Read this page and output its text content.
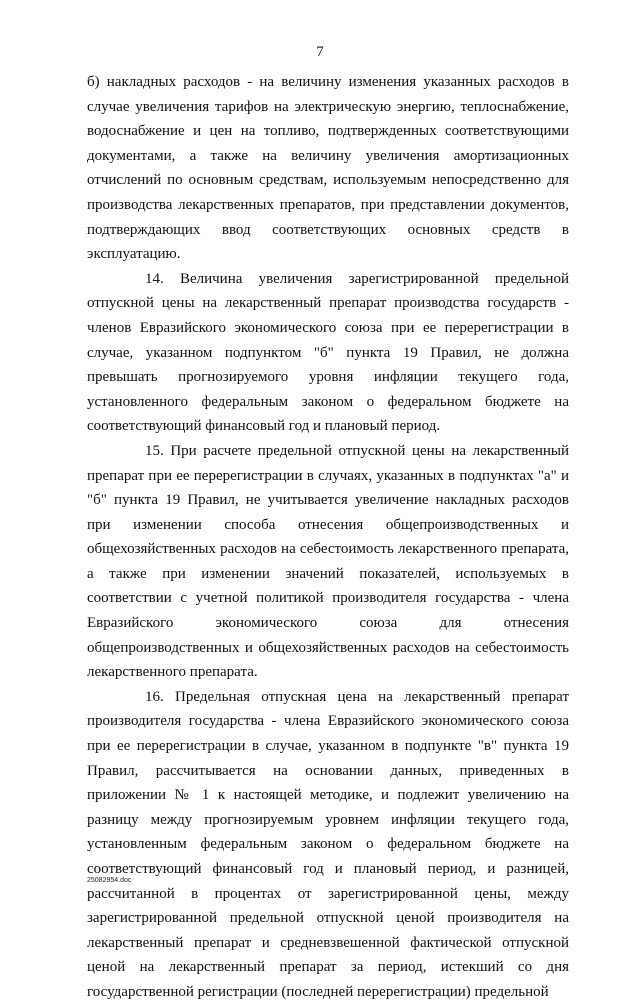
7

б) накладных расходов - на величину изменения указанных расходов в случае увеличения тарифов на электрическую энергию, теплоснабжение, водоснабжение и цен на топливо, подтвержденных соответствующими документами, а также на величину увеличения амортизационных отчислений по основным средствам, используемым непосредственно для производства лекарственных препаратов, при представлении документов, подтверждающих ввод соответствующих основных средств в эксплуатацию.

14. Величина увеличения зарегистрированной предельной отпускной цены на лекарственный препарат производства государств - членов Евразийского экономического союза при ее перерегистрации в случае, указанном подпунктом "б" пункта 19 Правил, не должна превышать прогнозируемого уровня инфляции текущего года, установленного федеральным законом о федеральном бюджете на соответствующий финансовый год и плановый период.

15. При расчете предельной отпускной цены на лекарственный препарат при ее перерегистрации в случаях, указанных в подпунктах "а" и "б" пункта 19 Правил, не учитывается увеличение накладных расходов при изменении способа отнесения общепроизводственных и общехозяйственных расходов на себестоимость лекарственного препарата, а также при изменении значений показателей, используемых в соответствии с учетной политикой производителя государства - члена Евразийского экономического союза для отнесения общепроизводственных и общехозяйственных расходов на себестоимость лекарственного препарата.

16. Предельная отпускная цена на лекарственный препарат производителя государства - члена Евразийского экономического союза при ее перерегистрации в случае, указанном в подпункте "в" пункта 19 Правил, рассчитывается на основании данных, приведенных в приложении № 1 к настоящей методике, и подлежит увеличению на разницу между прогнозируемым уровнем инфляции текущего года, установленным федеральным законом о федеральном бюджете на соответствующий финансовый год и плановый период, и разницей, рассчитанной в процентах от зарегистрированной цены, между зарегистрированной предельной отпускной ценой производителя на лекарственный препарат и средневзвешенной фактической отпускной ценой на лекарственный препарат за период, истекший со дня государственной регистрации (последней перерегистрации) предельной

25082954.doc
